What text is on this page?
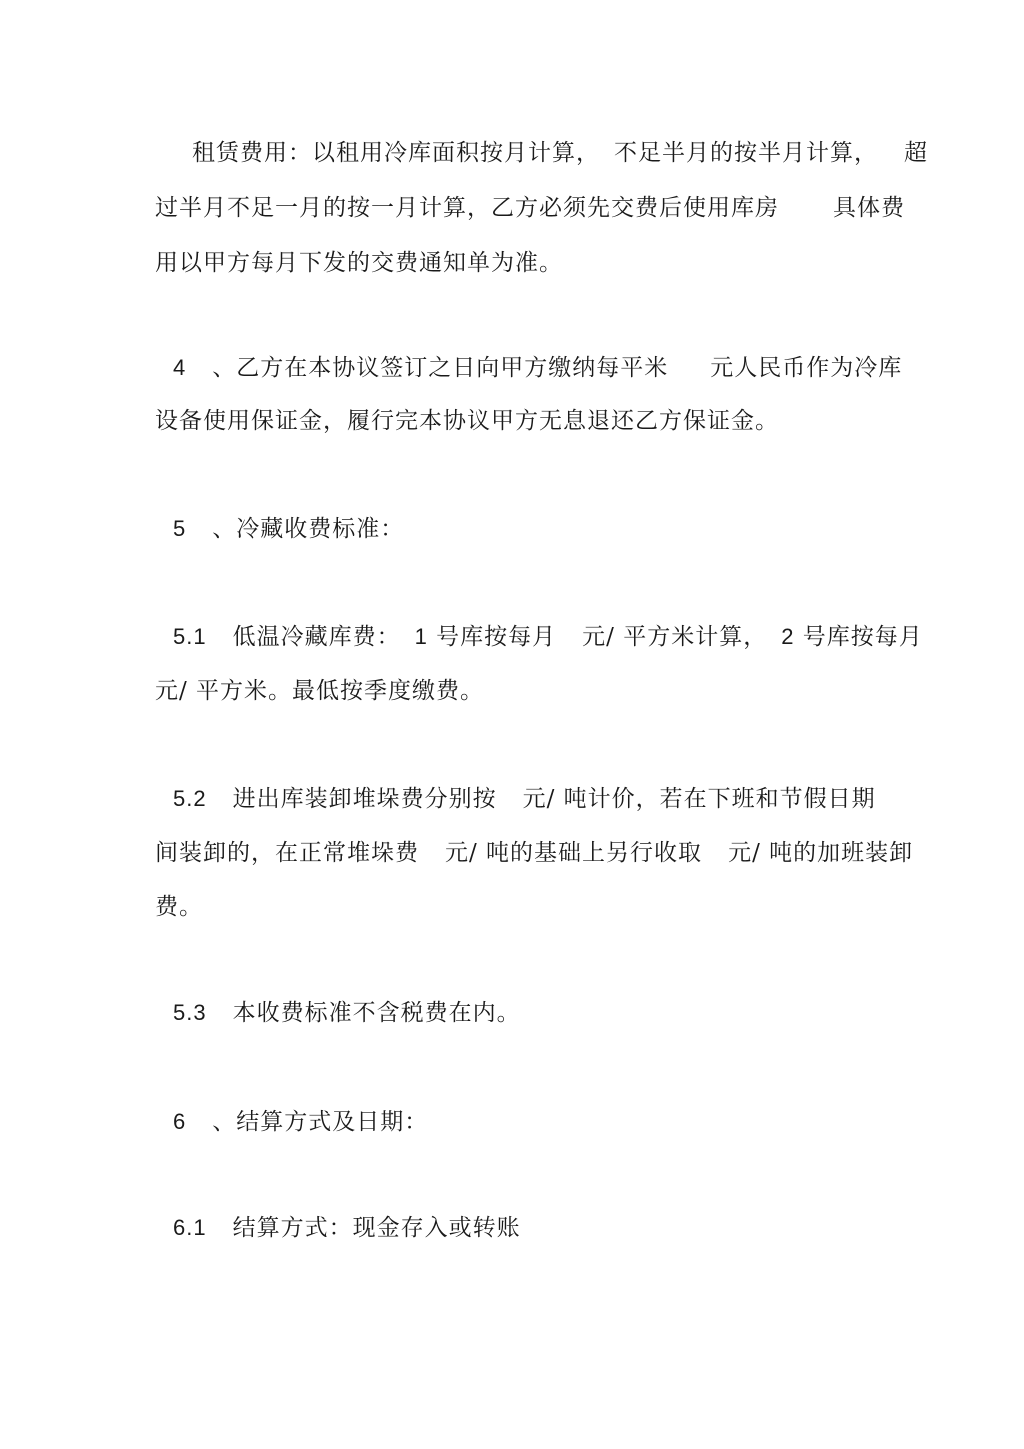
租赁费用：以租用冷库面积按月计算， 不足半月的按半月计算， 超
过半月不足一月的按一月计算，乙方必须先交费后使用库房 具体费
用以甲方每月下发的交费通知单为准。
4 、乙方在本协议签订之日向甲方缴纳每平米 元人民币作为冷库
设备使用保证金，履行完本协议甲方无息退还乙方保证金。
5 、冷藏收费标准：
5.1 低温冷藏库费： 1 号库按每月 元/ 平方米计算， 2 号库按每月
元/ 平方米。最低按季度缴费。
5.2 进出库装卸堆垛费分别按 元/ 吨计价，若在下班和节假日期
间装卸的，在正常堆垛费 元/ 吨的基础上另行收取 元/ 吨的加班装卸
费。
5.3 本收费标准不含税费在内。
6 、结算方式及日期：
6.1 结算方式：现金存入或转账
